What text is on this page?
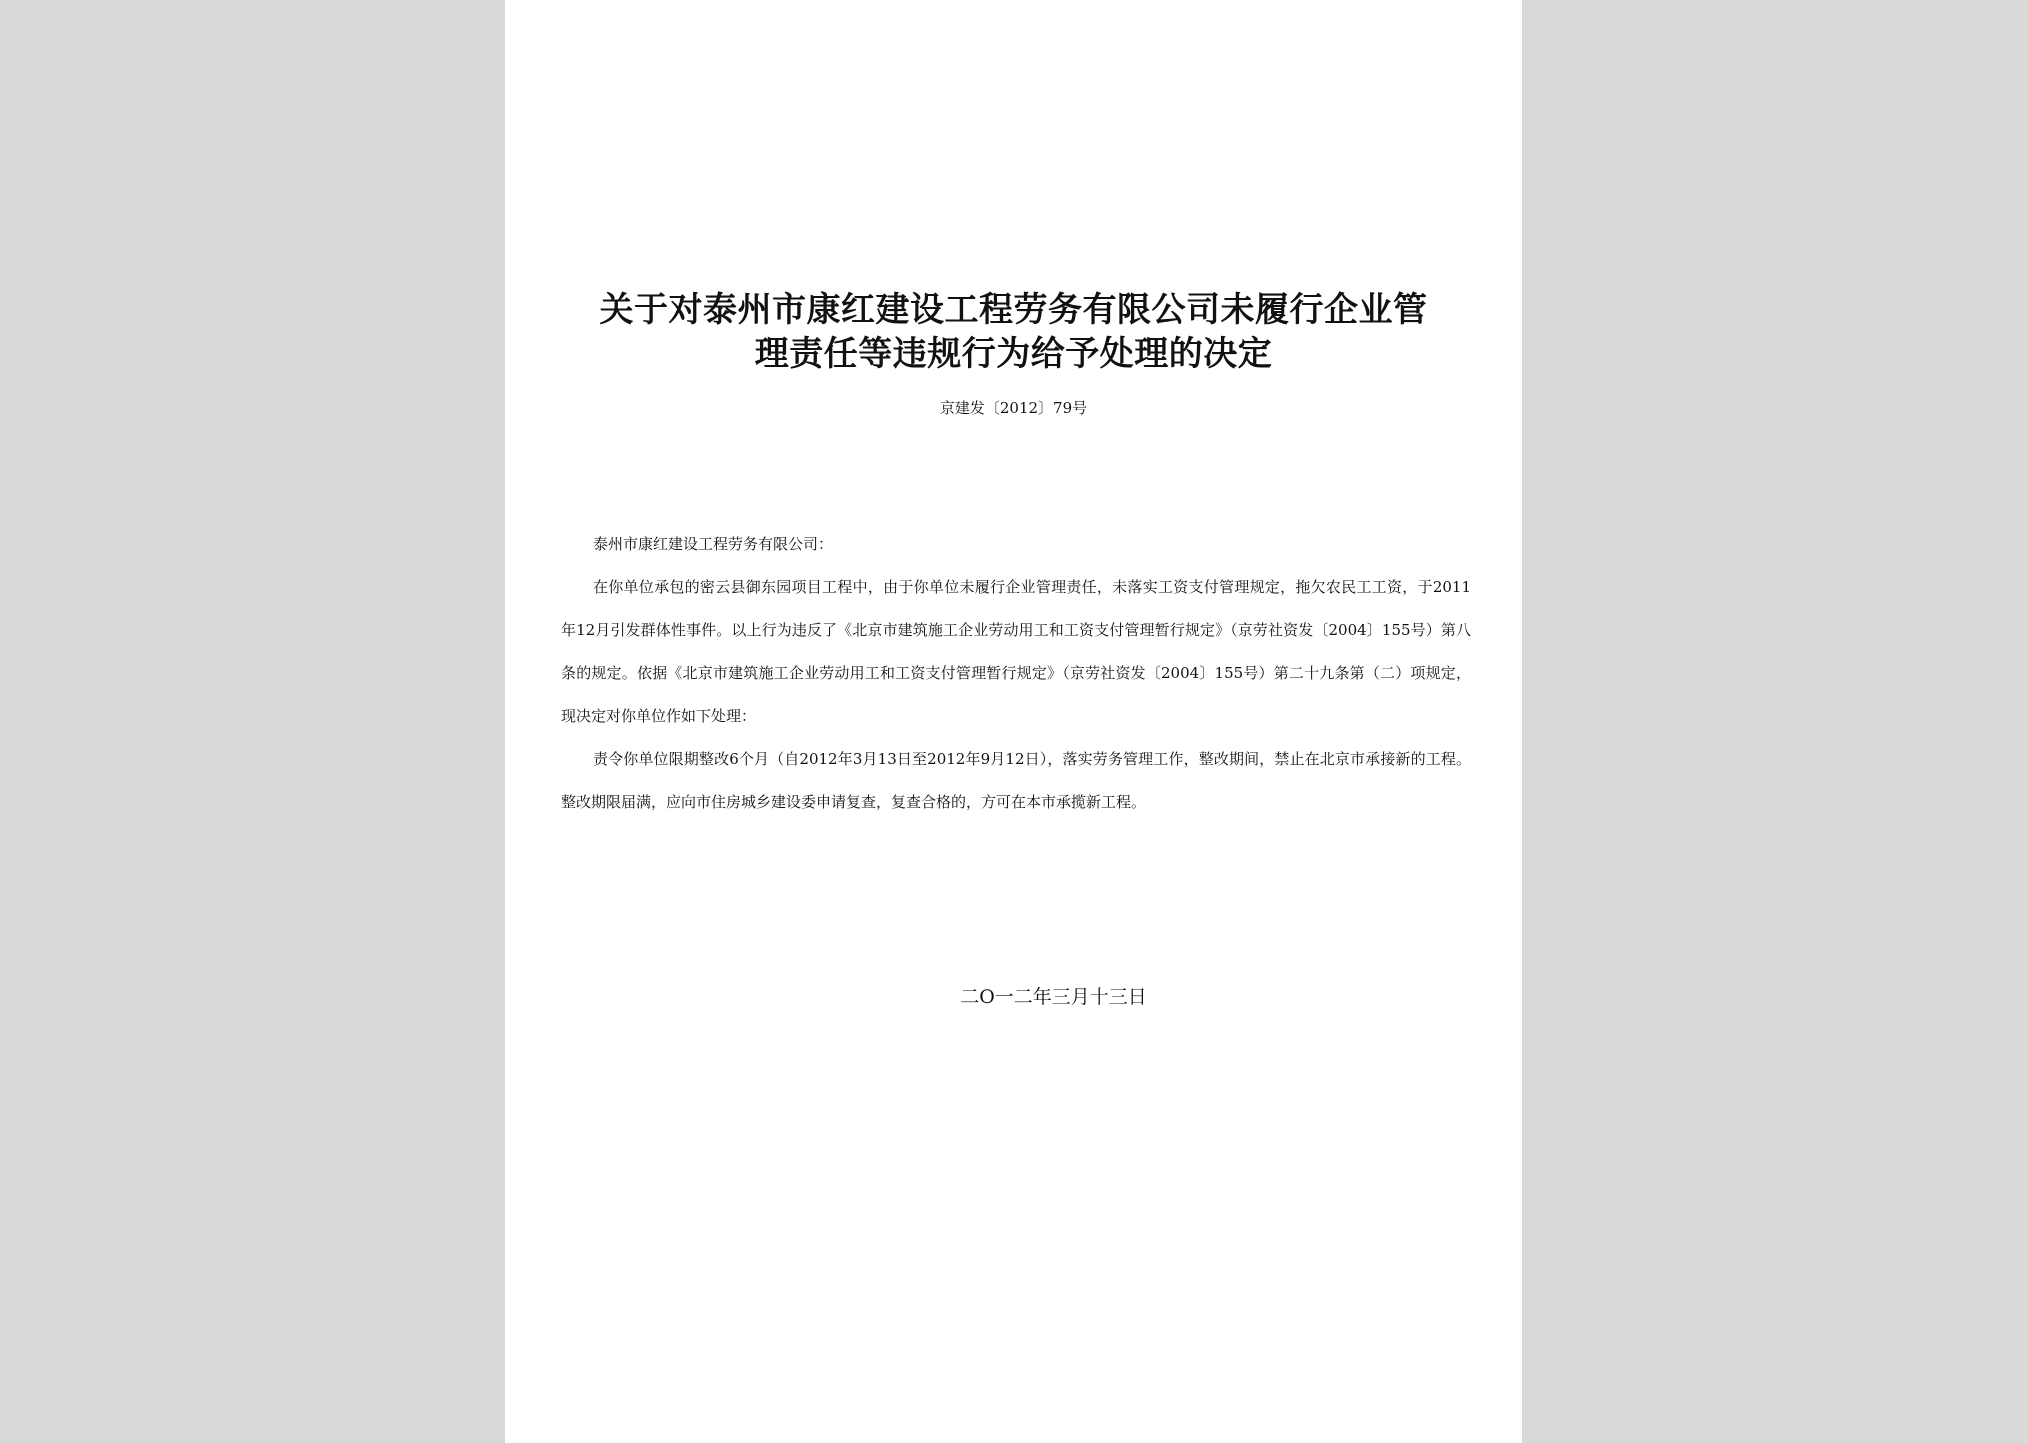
关于对泰州市康红建设工程劳务有限公司未履行企业管
理责任等违规行为给予处理的决定
京建发〔2012〕79号

泰州市康红建设工程劳务有限公司：

在你单位承包的密云县御东园项目工程中，由于你单位未履行企业管理责任，未落实工资支付管理规定，拖欠农民工工资，于2011年12月引发群体性事件。以上行为违反了《北京市建筑施工企业劳动用工和工资支付管理暂行规定》（京劳社资发〔2004〕155号）第八条的规定。依据《北京市建筑施工企业劳动用工和工资支付管理暂行规定》（京劳社资发〔2004〕155号）第二十九条第（二）项规定，现决定对你单位作如下处理：

责令你单位限期整改6个月（自2012年3月13日至2012年9月12日），落实劳务管理工作，整改期间，禁止在北京市承接新的工程。整改期限届满，应向市住房城乡建设委申请复查，复查合格的，方可在本市承揽新工程。

二O一二年三月十三日
